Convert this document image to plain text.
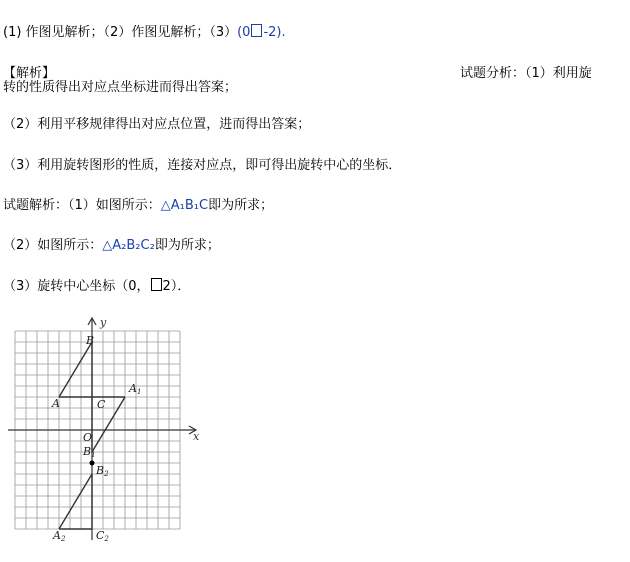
(1) 作图见解析；（2）作图见解析；（3）(0 -2).
【解析】	试题分析：（1）利用旋
转的性质得出对应点坐标进而得出答案；
（2）利用平移规律得出对应点位置，进而得出答案；
（3）利用旋转图形的性质，连接对应点，即可得出旋转中心的坐标．
试题解析：（1）如图所示：△A₁B₁C即为所求；
（2）如图所示：△A₂B₂C₂即为所求；
（3）旋转中心坐标（0， 2）．
x
y
B
A	C
A1
O
B1
B2
A2	C2
